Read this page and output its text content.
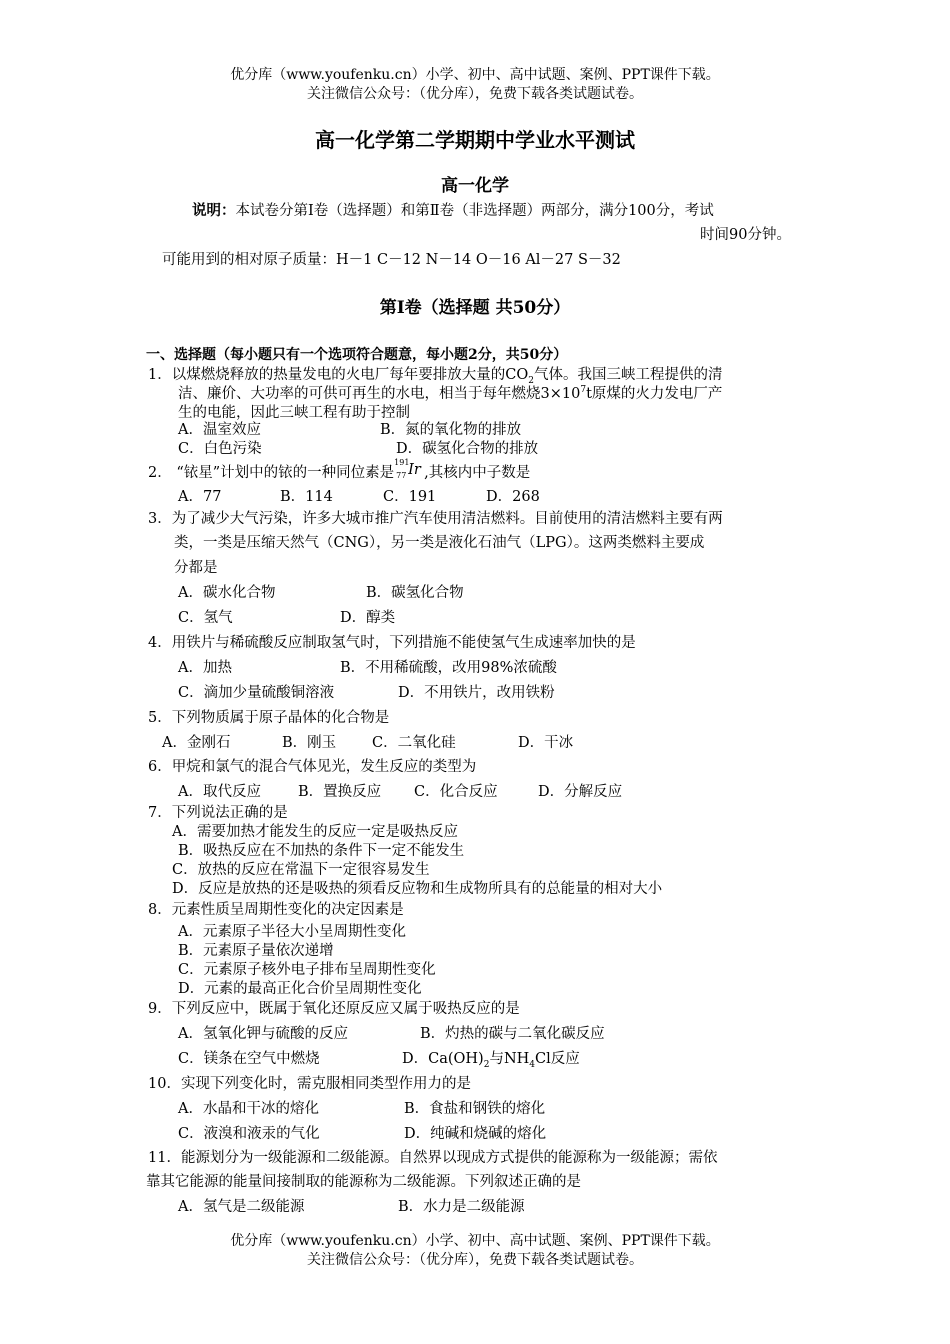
优分库（www.youfenku.cn）小学、初中、高中试题、案例、PPT课件下载。
关注微信公众号：（优分库），免费下载各类试题试卷。
高一化学第二学期期中学业水平测试
高一化学
说明：本试卷分第Ⅰ卷（选择题）和第Ⅱ卷（非选择题）两部分，满分100分，考试
时间90分钟。
可能用到的相对原子质量：H－1 C－12 N－14 O－16 Al－27 S－32
第Ⅰ卷（选择题 共50分）
一、选择题（每小题只有一个选项符合题意，每小题2分，共50分）
1．以煤燃烧释放的热量发电的火电厂每年要排放大量的$CO_2$气体。我国三峡工程提供的清
洁、廉价、大功率的可供可再生的水电，相当于每年燃烧$3\times 10^7t$原煤的火力发电厂产
生的电能，因此三峡工程有助于控制
A．温室效应	B．氮的氧化物的排放
C．白色污染	D．碳氢化合物的排放
2． “铱星”计划中的铱的一种同位素是
191
77 Ir ,其核内中子数是
A．77	B．114	C．191	D．268
3．为了减少大气污染，许多大城市推广汽车使用清洁燃料。目前使用的清洁燃料主要有两
类，一类是压缩天然气（CNG），另一类是液化石油气（LPG）。这两类燃料主要成
分都是
A．碳水化合物	B．碳氢化合物
C．氢气	D．醇类
4．用铁片与稀硫酸反应制取氢气时，下列措施不能使氢气生成速率加快的是
A．加热	B．不用稀硫酸，改用98%浓硫酸
C．滴加少量硫酸铜溶液	D．不用铁片，改用铁粉
5．下列物质属于原子晶体的化合物是
A．金刚石	B．刚玉 C．二氧化硅	D．干冰
6．甲烷和氯气的混合气体见光，发生反应的类型为
A．取代反应	B．置换反应 C．化合反应	D．分解反应
7．下列说法正确的是
A．需要加热才能发生的反应一定是吸热反应
B．吸热反应在不加热的条件下一定不能发生
C．放热的反应在常温下一定很容易发生
D．反应是放热的还是吸热的须看反应物和生成物所具有的总能量的相对大小
8．元素性质呈周期性变化的决定因素是
A．元素原子半径大小呈周期性变化
B．元素原子量依次递增
C．元素原子核外电子排布呈周期性变化
D．元素的最高正化合价呈周期性变化
9．下列反应中，既属于氧化还原反应又属于吸热反应的是
A．氢氧化钾与硫酸的反应	B．灼热的碳与二氧化碳反应
C．镁条在空气中燃烧	D．$Ca(OH)_2$与$NH_4Cl$反应
10．实现下列变化时，需克服相同类型作用力的是
A．水晶和干冰的熔化	B．食盐和钢铁的熔化
C．液溴和液汞的气化	D．纯碱和烧碱的熔化
11．能源划分为一级能源和二级能源。自然界以现成方式提供的能源称为一级能源；需依
靠其它能源的能量间接制取的能源称为二级能源。下列叙述正确的是
A．氢气是二级能源	B．水力是二级能源
优分库（www.youfenku.cn）小学、初中、高中试题、案例、PPT课件下载。
关注微信公众号：（优分库），免费下载各类试题试卷。
